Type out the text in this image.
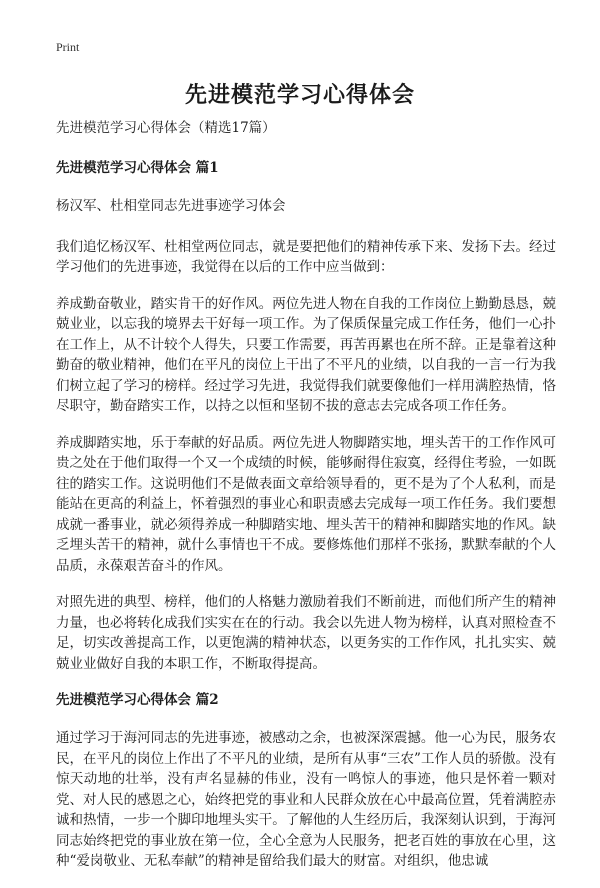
Print
先进模范学习心得体会

先进模范学习心得体会（精选17篇）

先进模范学习心得体会 篇1

杨汉军、杜相堂同志先进事迹学习体会

我们追忆杨汉军、杜相堂两位同志，就是要把他们的精神传承下来、发扬下去。经过学习他们的先进事迹，我觉得在以后的工作中应当做到：

养成勤奋敬业，踏实肯干的好作风。两位先进人物在自我的工作岗位上勤勤恳恳，兢兢业业，以忘我的境界去干好每一项工作。为了保质保量完成工作任务，他们一心扑在工作上，从不计较个人得失，只要工作需要，再苦再累也在所不辞。正是靠着这种勤奋的敬业精神，他们在平凡的岗位上干出了不平凡的业绩，以自我的一言一行为我们树立起了学习的榜样。经过学习先进，我觉得我们就要像他们一样用满腔热情，恪尽职守，勤奋踏实工作，以持之以恒和坚韧不拔的意志去完成各项工作任务。

养成脚踏实地，乐于奉献的好品质。两位先进人物脚踏实地，埋头苦干的工作作风可贵之处在于他们取得一个又一个成绩的时候，能够耐得住寂寞，经得住考验，一如既往的踏实工作。这说明他们不是做表面文章给领导看的，更不是为了个人私利，而是能站在更高的利益上，怀着强烈的事业心和职责感去完成每一项工作任务。我们要想成就一番事业，就必须得养成一种脚踏实地、埋头苦干的精神和脚踏实地的作风。缺乏埋头苦干的精神，就什么事情也干不成。要修炼他们那样不张扬，默默奉献的个人品质，永葆艰苦奋斗的作风。

对照先进的典型、榜样，他们的人格魅力激励着我们不断前进，而他们所产生的精神力量，也必将转化成我们实实在在的行动。我会以先进人物为榜样，认真对照检查不足，切实改善提高工作，以更饱满的精神状态，以更务实的工作作风，扎扎实实、兢兢业业做好自我的本职工作，不断取得提高。

先进模范学习心得体会 篇2

通过学习于海河同志的先进事迹，被感动之余，也被深深震撼。他一心为民，服务农民，在平凡的岗位上作出了不平凡的业绩，是所有从事“三农”工作人员的骄傲。没有惊天动地的壮举，没有声名显赫的伟业，没有一鸣惊人的事迹，他只是怀着一颗对党、对人民的感恩之心，始终把党的事业和人民群众放在心中最高位置，凭着满腔赤诚和热情，一步一个脚印地埋头实干。了解他的人生经历后，我深刻认识到，于海河同志始终把党的事业放在第一位，全心全意为人民服务，把老百姓的事放在心里，这种“爱岗敬业、无私奉献”的精神是留给我们最大的财富。对组织，他忠诚
